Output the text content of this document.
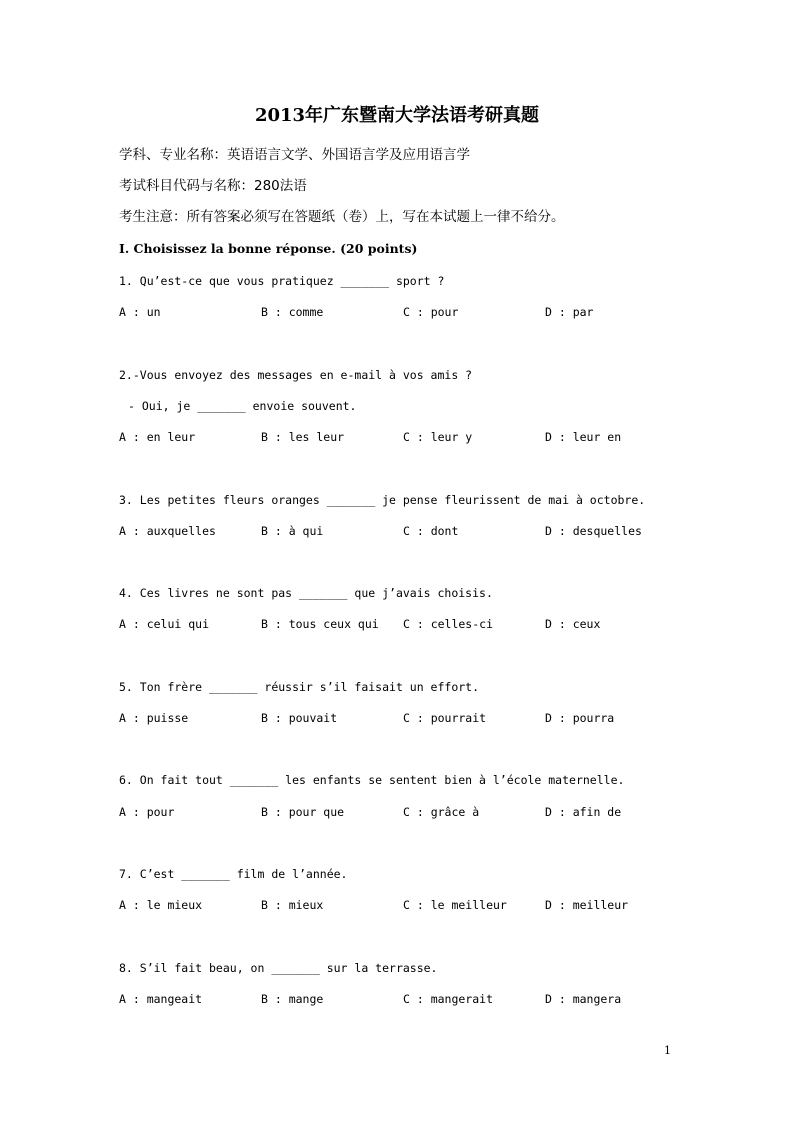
2013年广东暨南大学法语考研真题
学科、专业名称：英语语言文学、外国语言学及应用语言学
考试科目代码与名称：280法语
考生注意：所有答案必须写在答题纸（卷）上，写在本试题上一律不给分。
I. Choisissez la bonne réponse. (20 points)
1. Qu’est-ce que vous pratiquez _______ sport ?
A : un	B : comme	C : pour	D : par
2.-Vous envoyez des messages en e-mail à vos amis ?
- Oui, je _______ envoie souvent.
A : en leur	B : les leur	C : leur y	D : leur en
3. Les petites fleurs oranges _______ je pense fleurissent de mai à octobre.
A : auxquelles	B : à qui	C : dont	D : desquelles
4. Ces livres ne sont pas _______ que j’avais choisis.
A : celui qui	B : tous ceux qui C : celles-ci	D : ceux
5. Ton frère _______ réussir s’il faisait un effort.
A : puisse	B : pouvait	C : pourrait	D : pourra
6. On fait tout _______ les enfants se sentent bien à l’école maternelle.
A : pour	B : pour que	C : grâce à	D : afin de
7. C’est _______ film de l’année.
A : le mieux	B : mieux	C : le meilleur	D : meilleur
8. S’il fait beau, on _______ sur la terrasse.
A : mangeait	B : mange	C : mangerait	D : mangera
1
